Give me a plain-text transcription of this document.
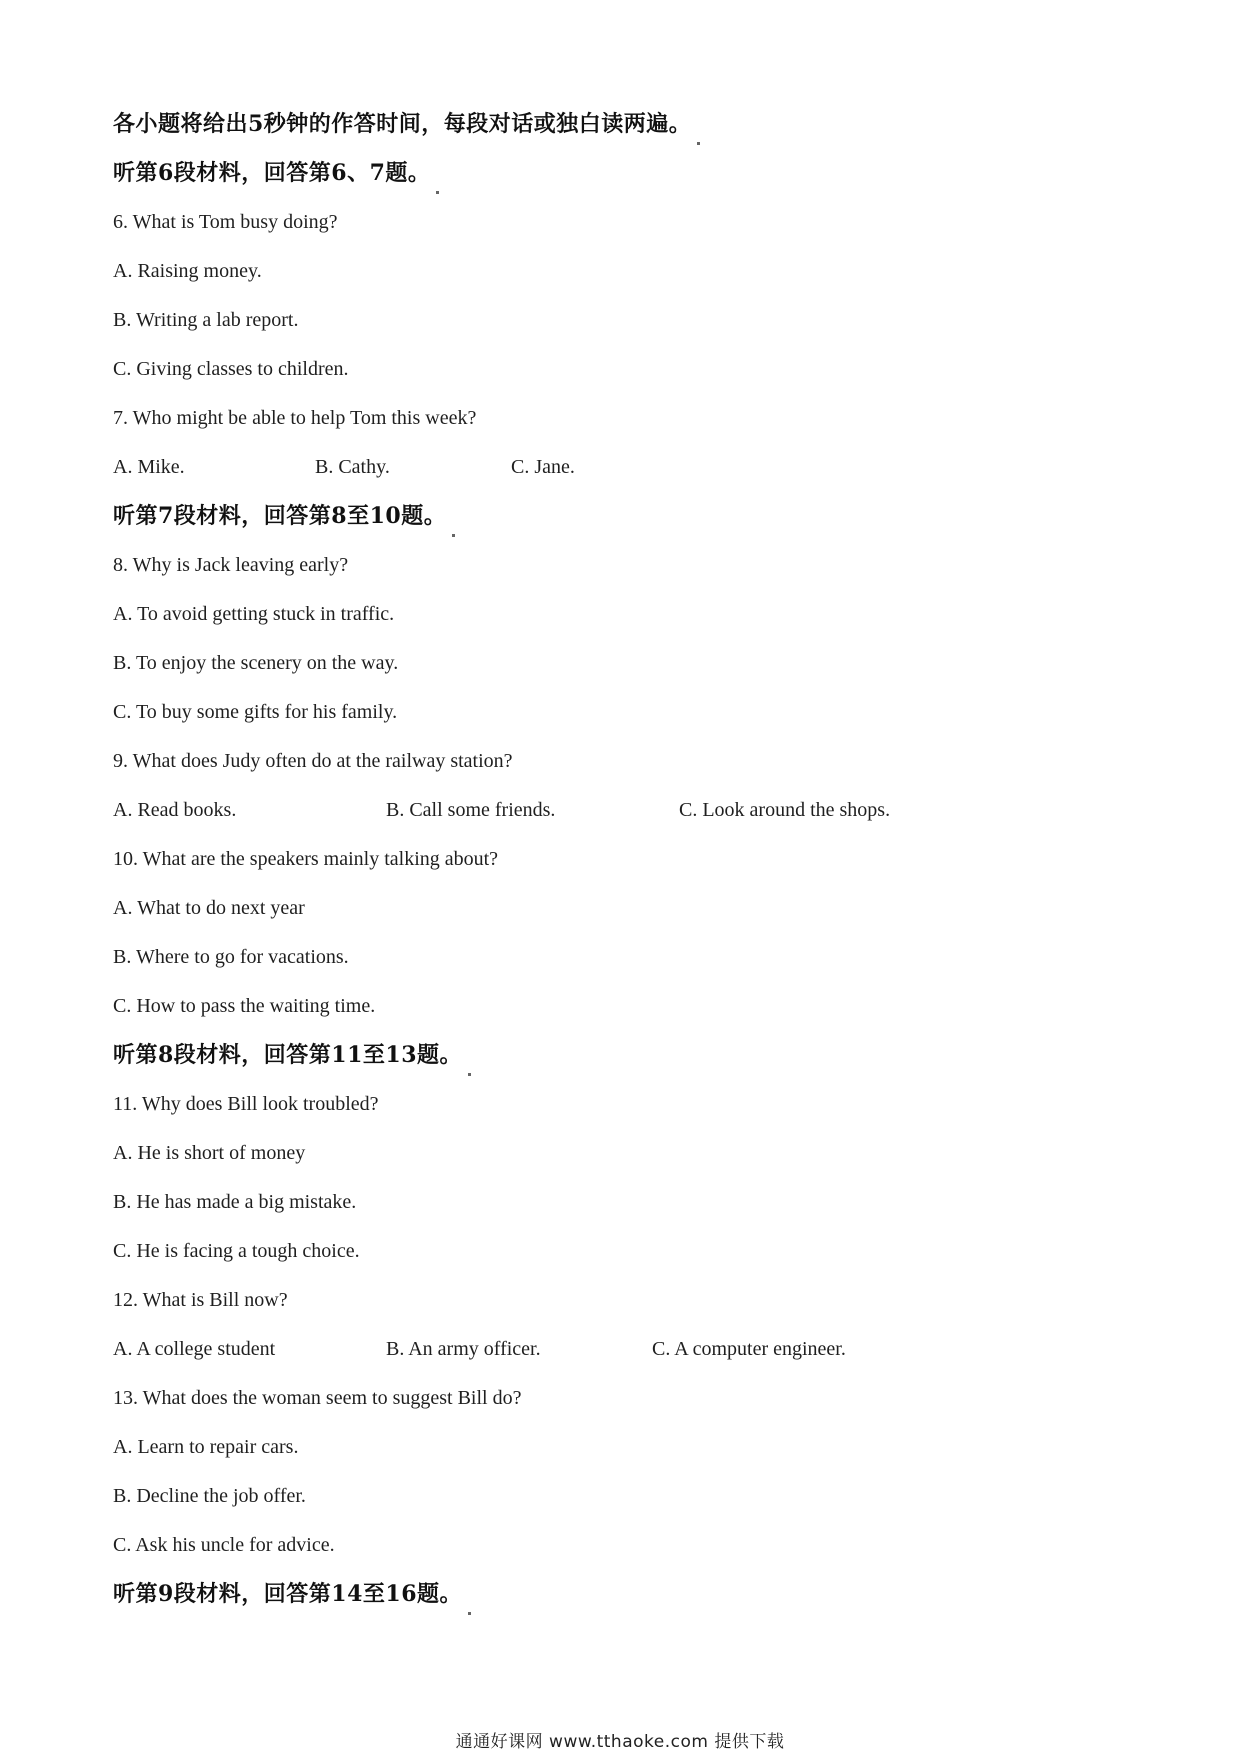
各小题将给出5秒钟的作答时间，每段对话或独白读两遍。
听第6段材料，回答第6、7题。
6. What is Tom busy doing?
A. Raising money.
B. Writing a lab report.
C. Giving classes to children.
7. Who might be able to help Tom this week?
A. Mike.	B. Cathy.	C. Jane.
听第7段材料，回答第8至10题。
8. Why is Jack leaving early?
A. To avoid getting stuck in traffic.
B. To enjoy the scenery on the way.
C. To buy some gifts for his family.
9. What does Judy often do at the railway station?
A. Read books.	B. Call some friends.	C. Look around the shops.
10. What are the speakers mainly talking about?
A. What to do next year
B. Where to go for vacations.
C. How to pass the waiting time.
听第8段材料，回答第11至13题。
11. Why does Bill look troubled?
A. He is short of money
B. He has made a big mistake.
C. He is facing a tough choice.
12. What is Bill now?
A. A college student	B. An army officer.	C. A computer engineer.
13. What does the woman seem to suggest Bill do?
A. Learn to repair cars.
B. Decline the job offer.
C. Ask his uncle for advice.
听第9段材料，回答第14至16题。
通通好课网 www.tthaoke.com 提供下载
